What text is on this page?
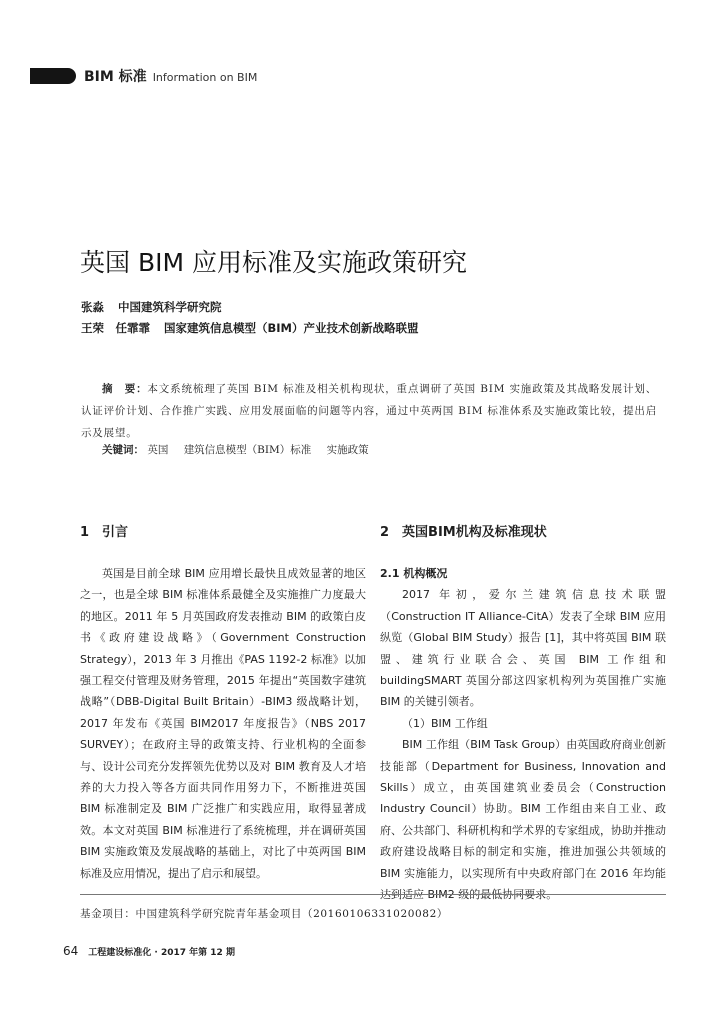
BIM 标准 Information on BIM
英国 BIM 应用标准及实施政策研究
张淼 中国建筑科学研究院
王荣　任霏霏 国家建筑信息模型（BIM）产业技术创新战略联盟
摘　要：本文系统梳理了英国 BIM 标准及相关机构现状，重点调研了英国 BIM 实施政策及其战略发展计划、认证评价计划、合作推广实践、应用发展面临的问题等内容，通过中英两国 BIM 标准体系及实施政策比较，提出启示及展望。
关键词： 英国 建筑信息模型（BIM）标准 实施政策
1　引言	2　英国BIM机构及标准现状

英国是目前全球 BIM 应用增长最快且成效显著的地区之一，也是全球 BIM 标准体系最健全及实施推广力度最大的地区。2011 年 5 月英国政府发表推动 BIM 的政策白皮书《政府建设战略》（Government Construction Strategy），2013 年 3 月推出《PAS 1192-2 标准》以加强工程交付管理及财务管理，2015 年提出“英国数字建筑战略”（DBB-Digital Built Britain）-BIM3 级战略计划，2017 年发布《英国 BIM2017 年度报告》（NBS 2017 SURVEY）；在政府主导的政策支持、行业机构的全面参与、设计公司充分发挥领先优势以及对 BIM 教育及人才培养的大力投入等各方面共同作用努力下，不断推进英国 BIM 标准制定及 BIM 广泛推广和实践应用，取得显著成效。本文对英国 BIM 标准进行了系统梳理，并在调研英国 BIM 实施政策及发展战略的基础上，对比了中英两国 BIM 标准及应用情况，提出了启示和展望。

2.1 机构概况

2017 年初，爱尔兰建筑信息技术联盟（Construction IT Alliance-CitA）发表了全球 BIM 应用纵览（Global BIM Study）报告 [1]，其中将英国 BIM 联盟、建筑行业联合会、英国 BIM 工作组和 buildingSMART 英国分部这四家机构列为英国推广实施 BIM 的关键引领者。

（1）BIM 工作组

BIM 工作组（BIM Task Group）由英国政府商业创新技能部（Department for Business, Innovation and Skills）成立，由英国建筑业委员会（Construction Industry Council）协助。BIM 工作组由来自工业、政府、公共部门、科研机构和学术界的专家组成，协助并推动政府建设战略目标的制定和实施，推进加强公共领域的 BIM 实施能力，以实现所有中央政府部门在 2016 年均能达到适应 BIM2 级的最低协同要求。

基金项目：中国建筑科学研究院青年基金项目（20160106331020082）
64 工程建设标准化 · 2017 年第 12 期
